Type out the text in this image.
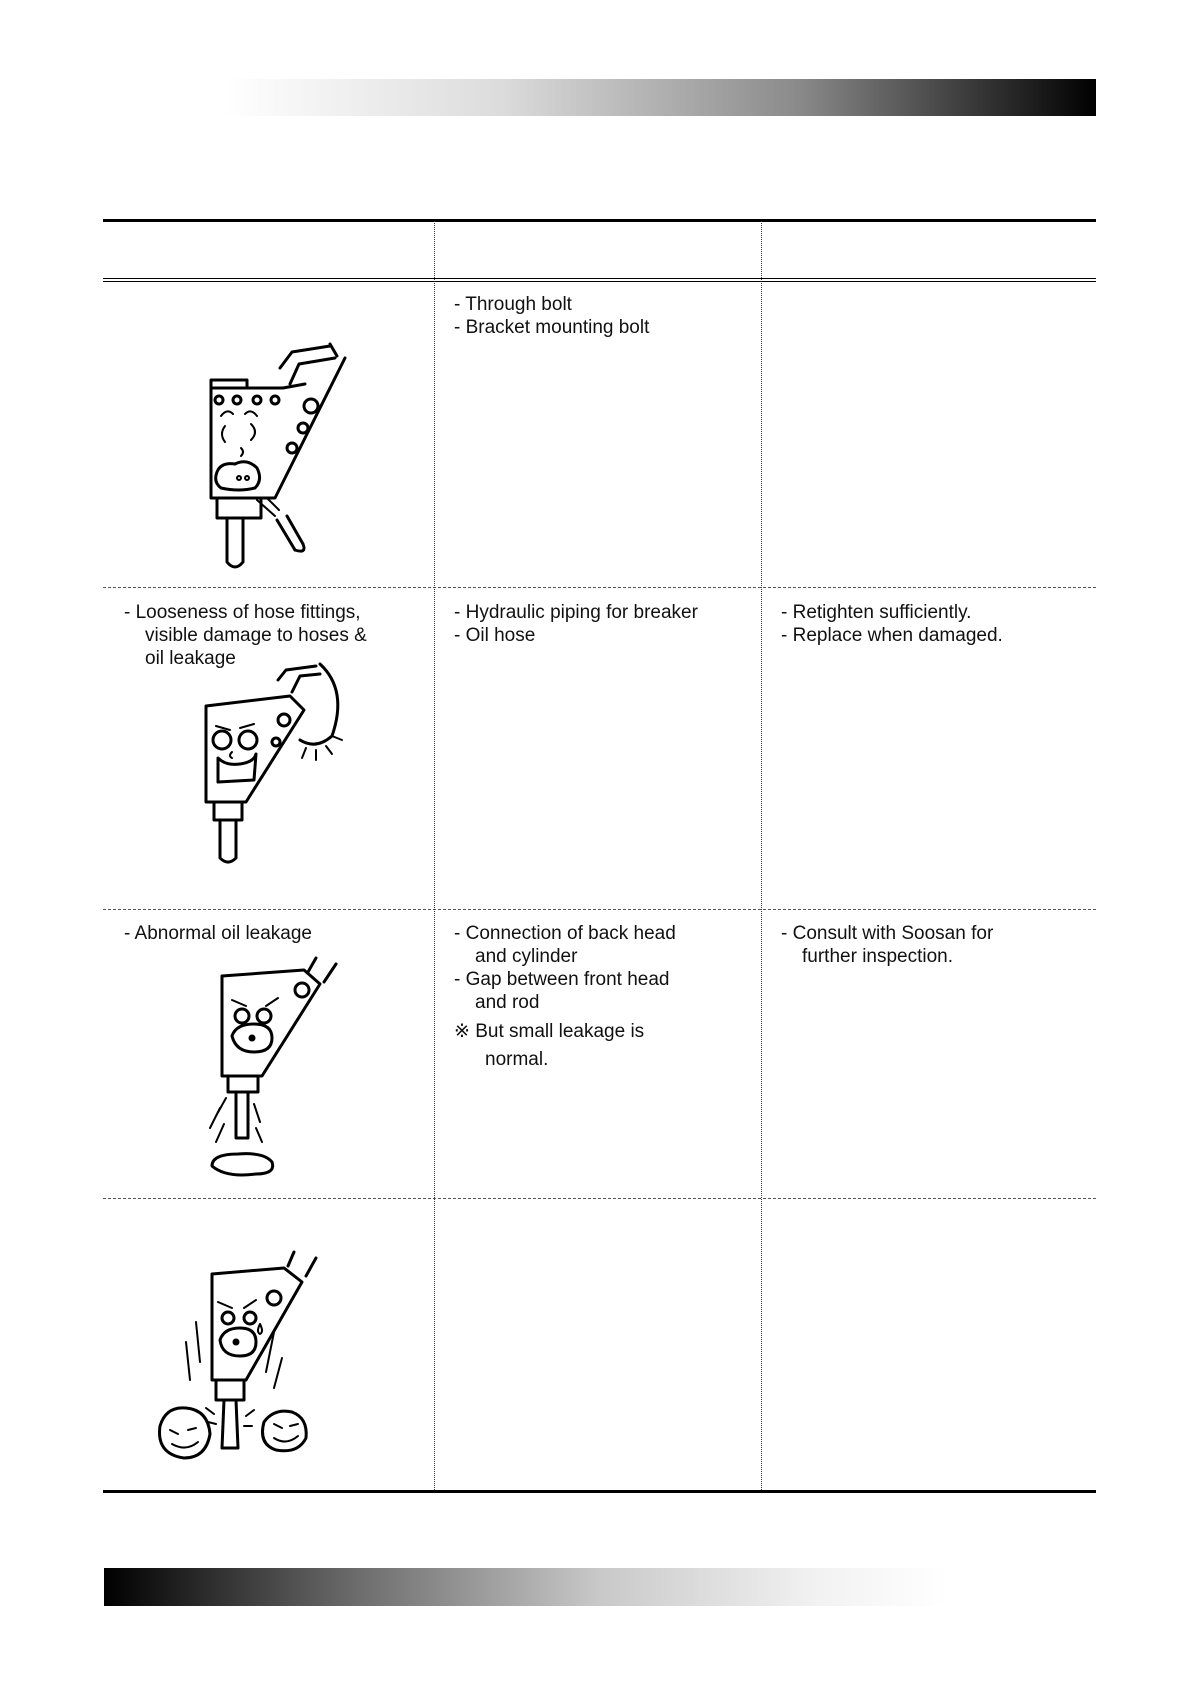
- Through bolt

- Bracket mounting bolt

- Looseness of hose fittings,

visible damage to hoses &

oil leakage

- Hydraulic piping for breaker

- Oil hose

- Retighten sufficiently.

- Replace when damaged.

- Abnormal oil leakage	- Connection of back head

and cylinder

- Gap between front head

and rod

※ But small leakage is

normal.

- Consult with Soosan for

further inspection.
